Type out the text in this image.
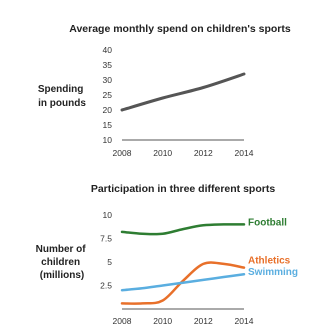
Average monthly spend on children's sports
Spending in pounds
10
15
20
25
30
35
40
2008	2010	2012	2014
Participation in three different sports
Number of children (millions)
2.5
5
7.5
10
2008	2010	2012	2014
Football
Athletics
Swimming
